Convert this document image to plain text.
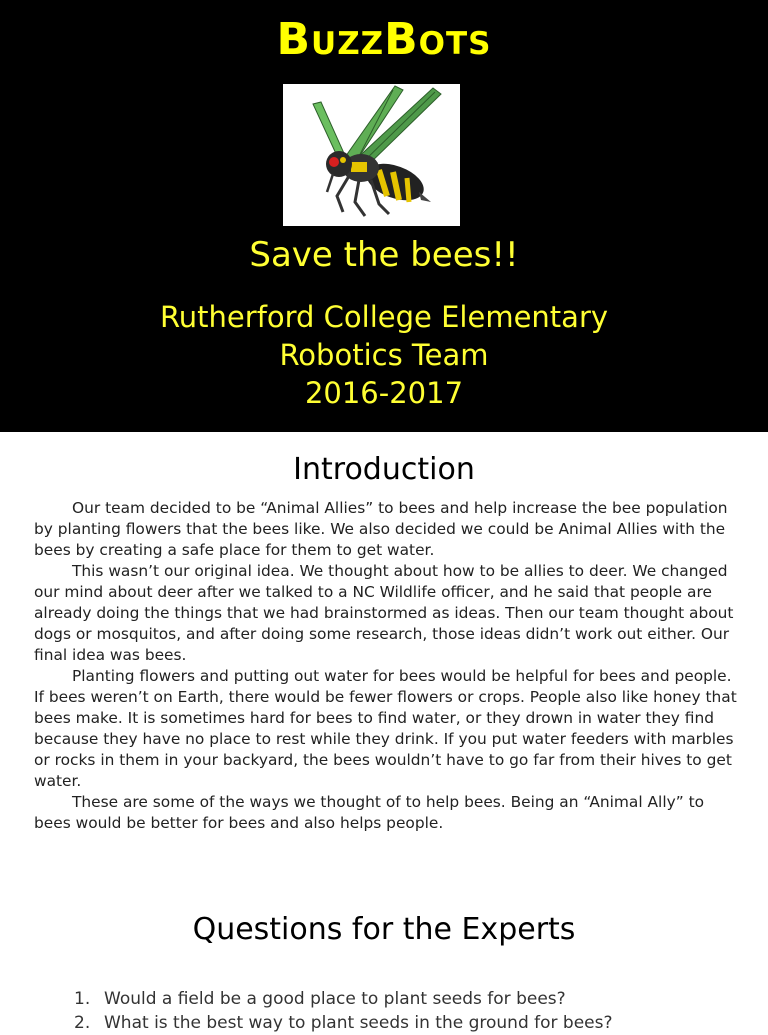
BuzzBots
Save the bees!!
Rutherford College Elementary
Robotics Team
2016-2017
Introduction

Our team decided to be “Animal Allies” to bees and help increase the bee population by planting flowers that the bees like. We also decided we could be Animal Allies with the bees by creating a safe place for them to get water.

This wasn’t our original idea. We thought about how to be allies to deer. We changed our mind about deer after we talked to a NC Wildlife officer, and he said that people are already doing the things that we had brainstormed as ideas. Then our team thought about dogs or mosquitos, and after doing some research, those ideas didn’t work out either. Our final idea was bees.

Planting flowers and putting out water for bees would be helpful for bees and people. If bees weren’t on Earth, there would be fewer flowers or crops. People also like honey that bees make. It is sometimes hard for bees to find water, or they drown in water they find because they have no place to rest while they drink. If you put water feeders with marbles or rocks in them in your backyard, the bees wouldn’t have to go far from their hives to get water.

These are some of the ways we thought of to help bees. Being an “Animal Ally” to bees would be better for bees and also helps people.

Questions for the Experts
1. Would a field be a good place to plant seeds for bees?
2. What is the best way to plant seeds in the ground for bees?
